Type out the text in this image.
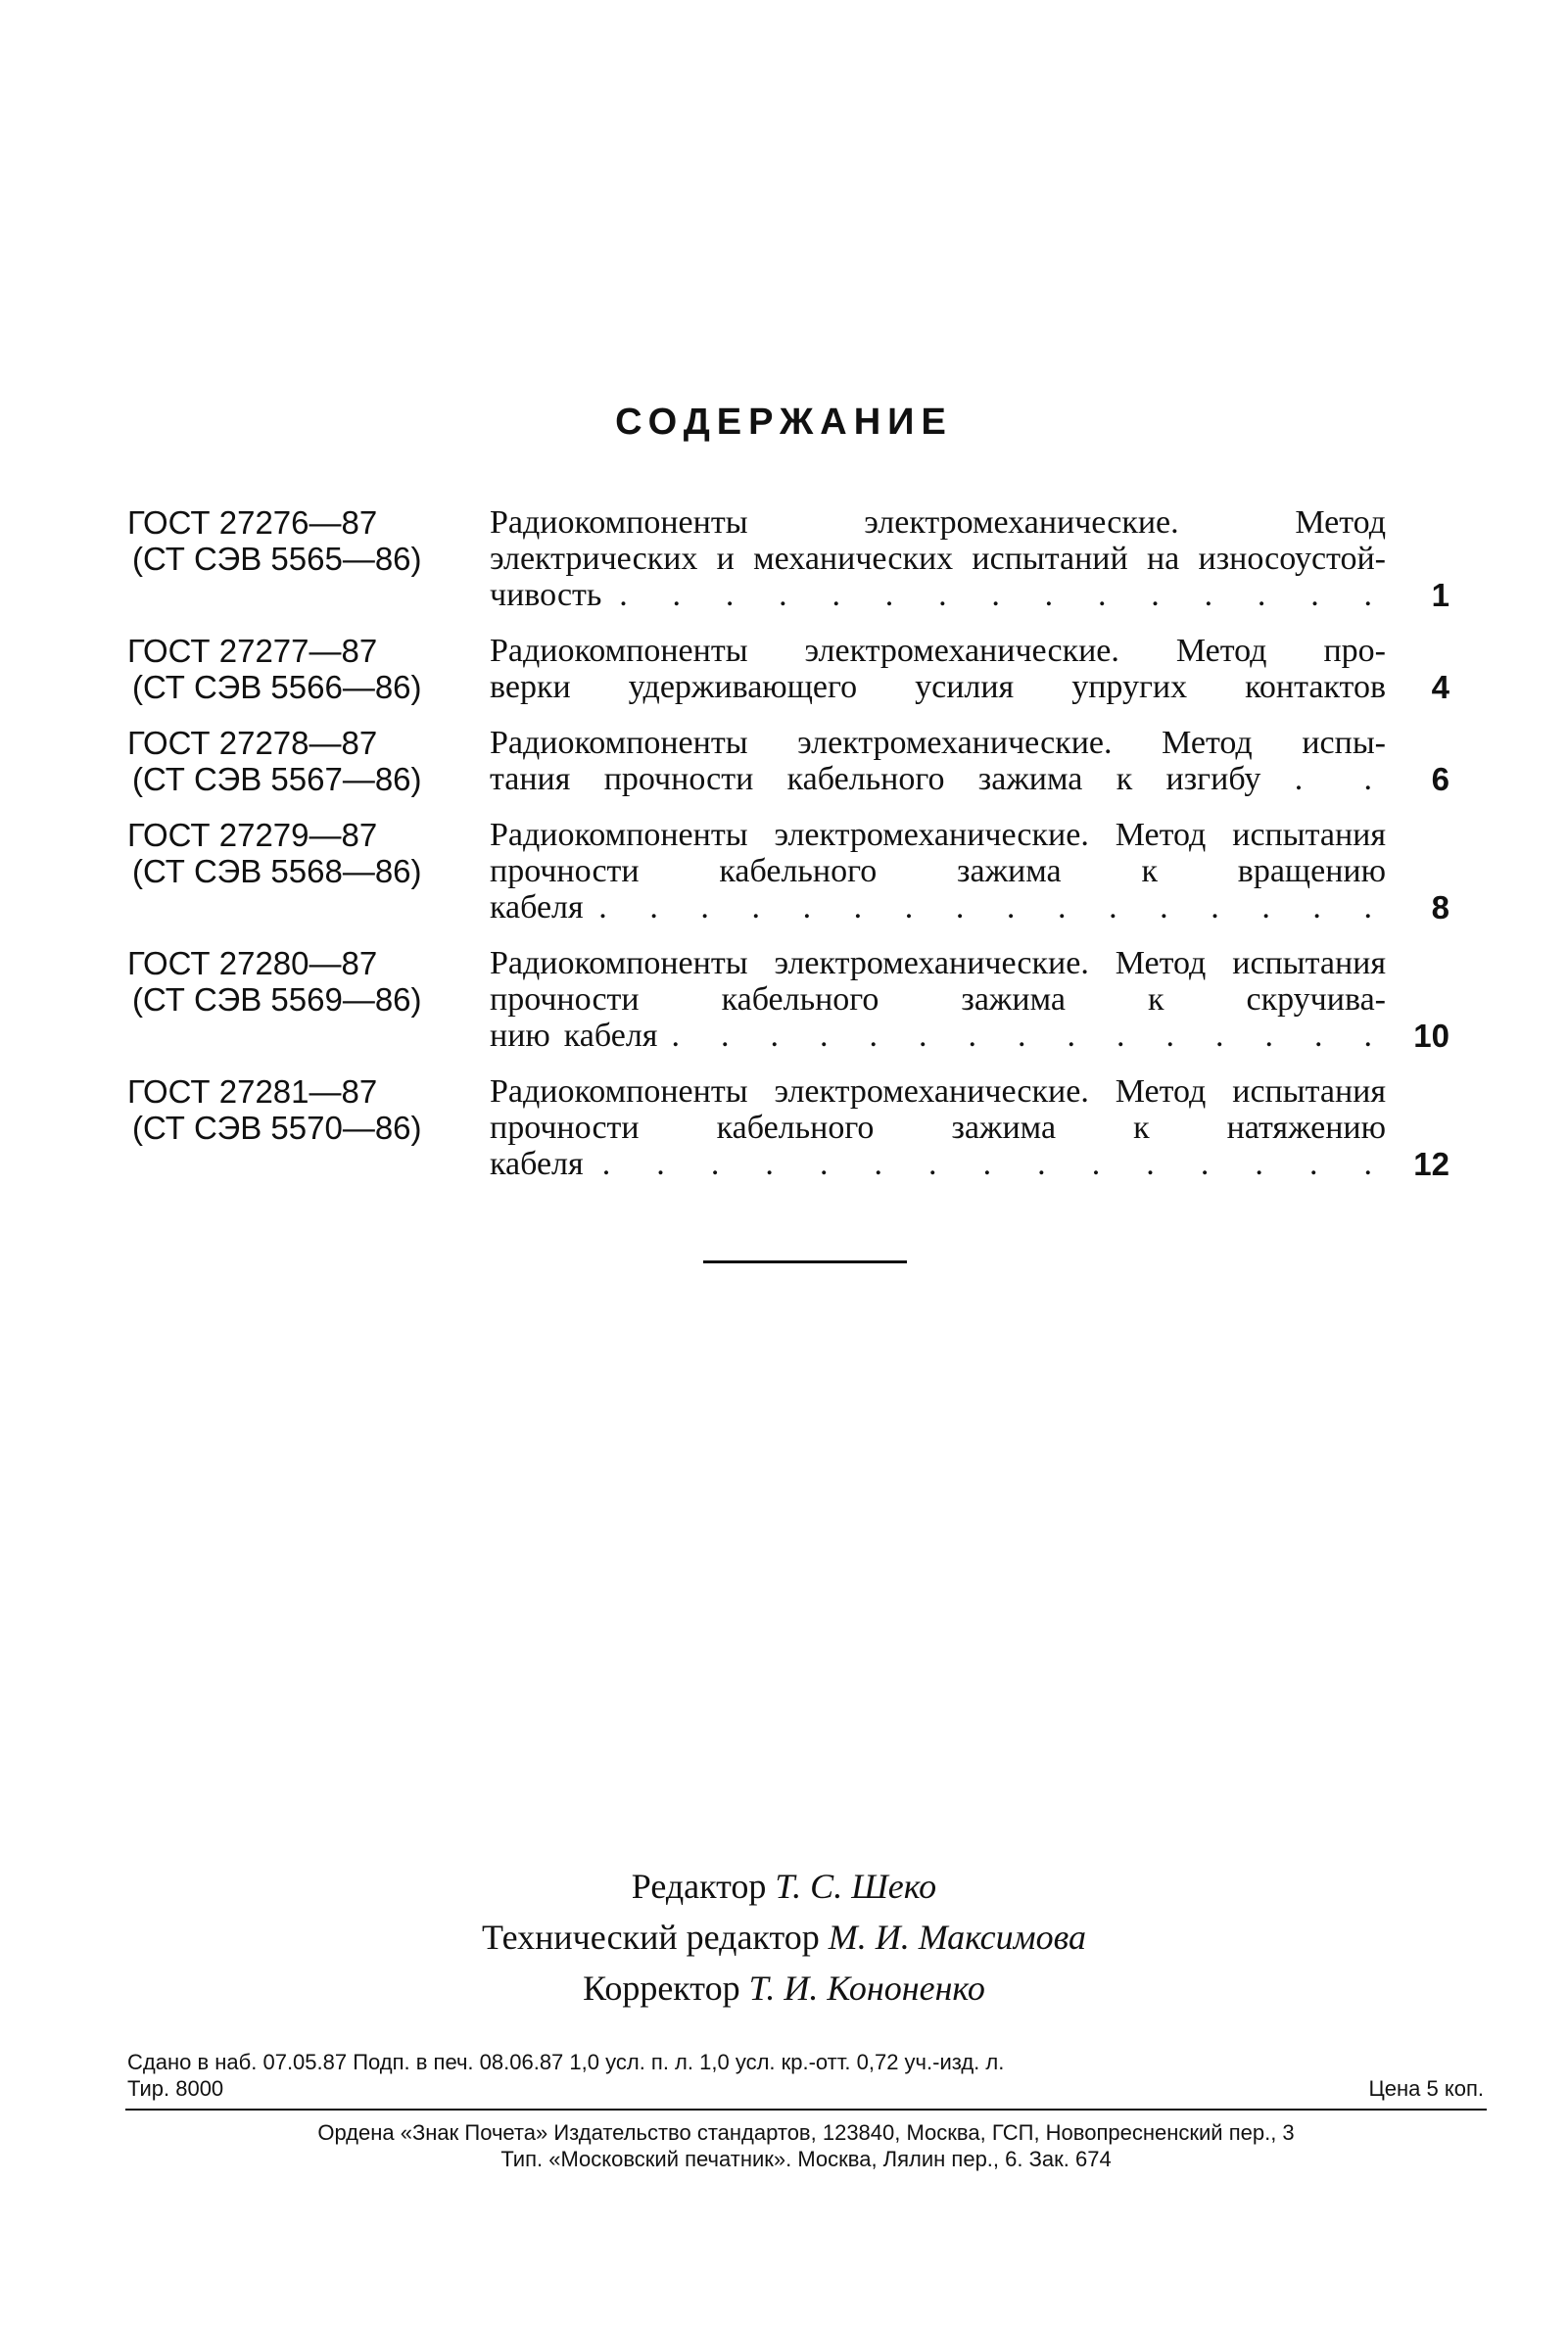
СОДЕРЖАНИЕ
ГОСТ 27276—87
(СТ СЭВ 5565—86)
Радиокомпоненты электромеханические. Метод электрических и механических испытаний на износоустой-
чивость . . . . . . . . . . . . . . . 1
ГОСТ 27277—87
(СТ СЭВ 5566—86)
Радиокомпоненты электромеханические. Метод про-
верки удерживающего усилия упругих контактов 4
ГОСТ 27278—87
(СТ СЭВ 5567—86)
Радиокомпоненты электромеханические. Метод испы-
тания прочности кабельного зажима к изгибу . . 6
ГОСТ 27279—87
(СТ СЭВ 5568—86)
Радиокомпоненты электромеханические. Метод испытания прочности кабельного зажима к вращению
кабеля . . . . . . . . . . . . . . . . 8
ГОСТ 27280—87
(СТ СЭВ 5569—86)
Радиокомпоненты электромеханические. Метод испытания прочности кабельного зажима к скручива-
нию кабеля . . . . . . . . . . . . . . . 10
ГОСТ 27281—87
(СТ СЭВ 5570—86)
Радиокомпоненты электромеханические. Метод испытания прочности кабельного зажима к натяжению
кабеля . . . . . . . . . . . . . . . 12
Редактор Т. С. Шеко
Технический редактор М. И. Максимова
Корректор Т. И. Кононенко
Сдано в наб. 07.05.87 Подп. в печ. 08.06.87 1,0 усл. п. л. 1,0 усл. кр.-отт. 0,72 уч.-изд. л.
Тир. 8000	Цена 5 коп.
Ордена «Знак Почета» Издательство стандартов, 123840, Москва, ГСП, Новопресненский пер., 3
Тип. «Московский печатник». Москва, Лялин пер., 6. Зак. 674
